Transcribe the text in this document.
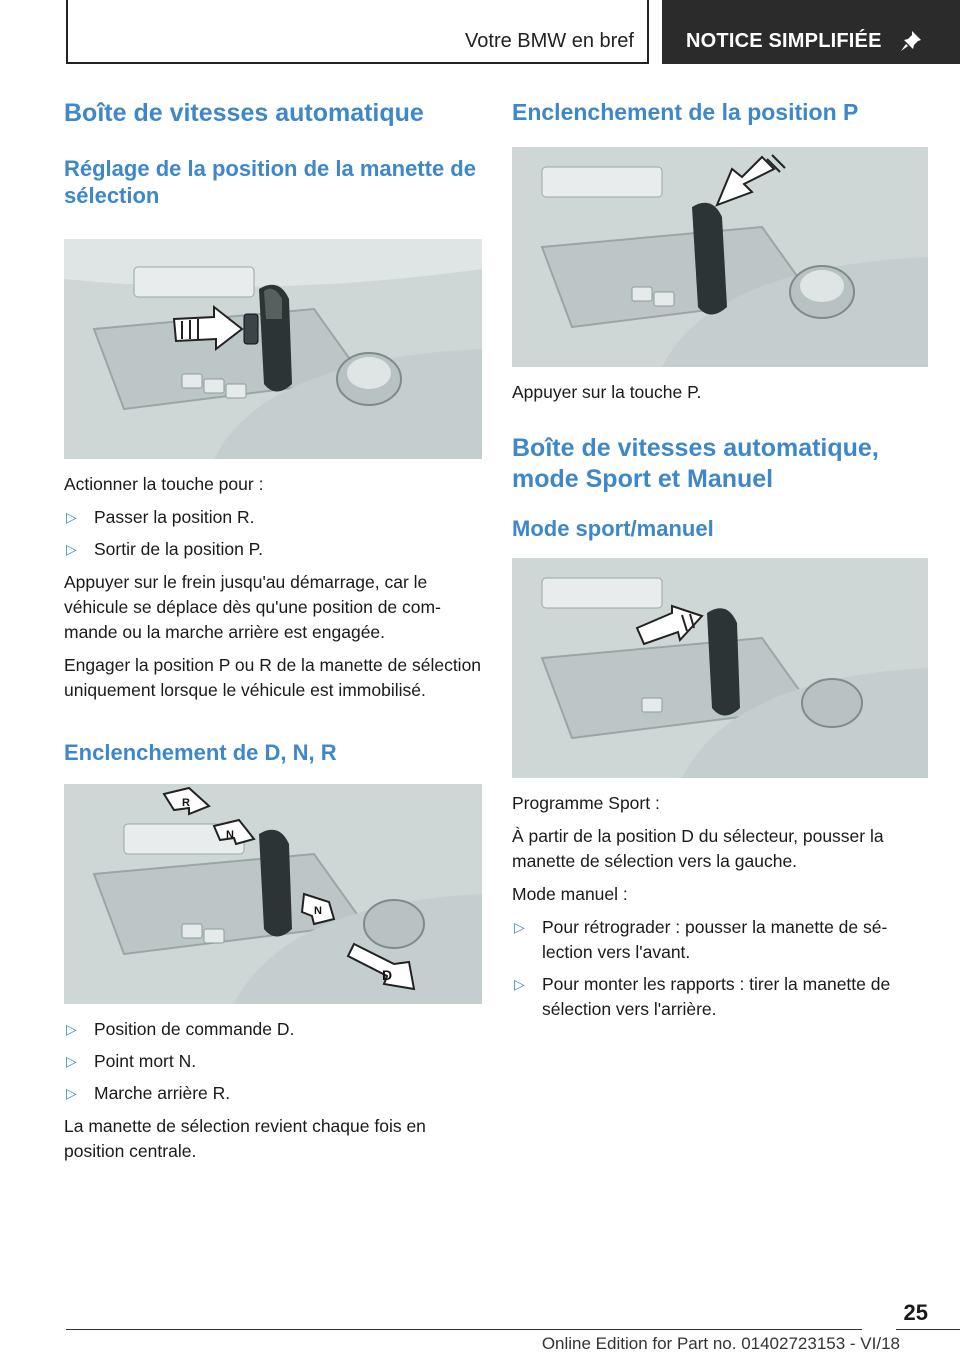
Votre BMW en bref	NOTICE SIMPLIFIÉE
Boîte de vitesses automatique
Réglage de la position de la manette de sélection

Actionner la touche pour :

▷ Passer la position R.
▷ Sortir de la position P.

Appuyer sur le frein jusqu'au démarrage, car le véhicule se déplace dès qu'une position de commande ou la marche arrière est engagée.

Engager la position P ou R de la manette de sélection uniquement lorsque le véhicule est immobilisé.

Enclenchement de D, N, R
R
N
N
D
▷ Position de commande D.
▷ Point mort N.
▷ Marche arrière R.

La manette de sélection revient chaque fois en position centrale.

Enclenchement de la position P

Appuyer sur la touche P.

Boîte de vitesses automatique, mode Sport et Manuel
Mode sport/manuel

Programme Sport :

À partir de la position D du sélecteur, pousser la manette de sélection vers la gauche.

Mode manuel :

▷ Pour rétrograder : pousser la manette de sélection vers l'avant.
▷ Pour monter les rapports : tirer la manette de sélection vers l'arrière.
25
Online Edition for Part no. 01402723153 - VI/18
